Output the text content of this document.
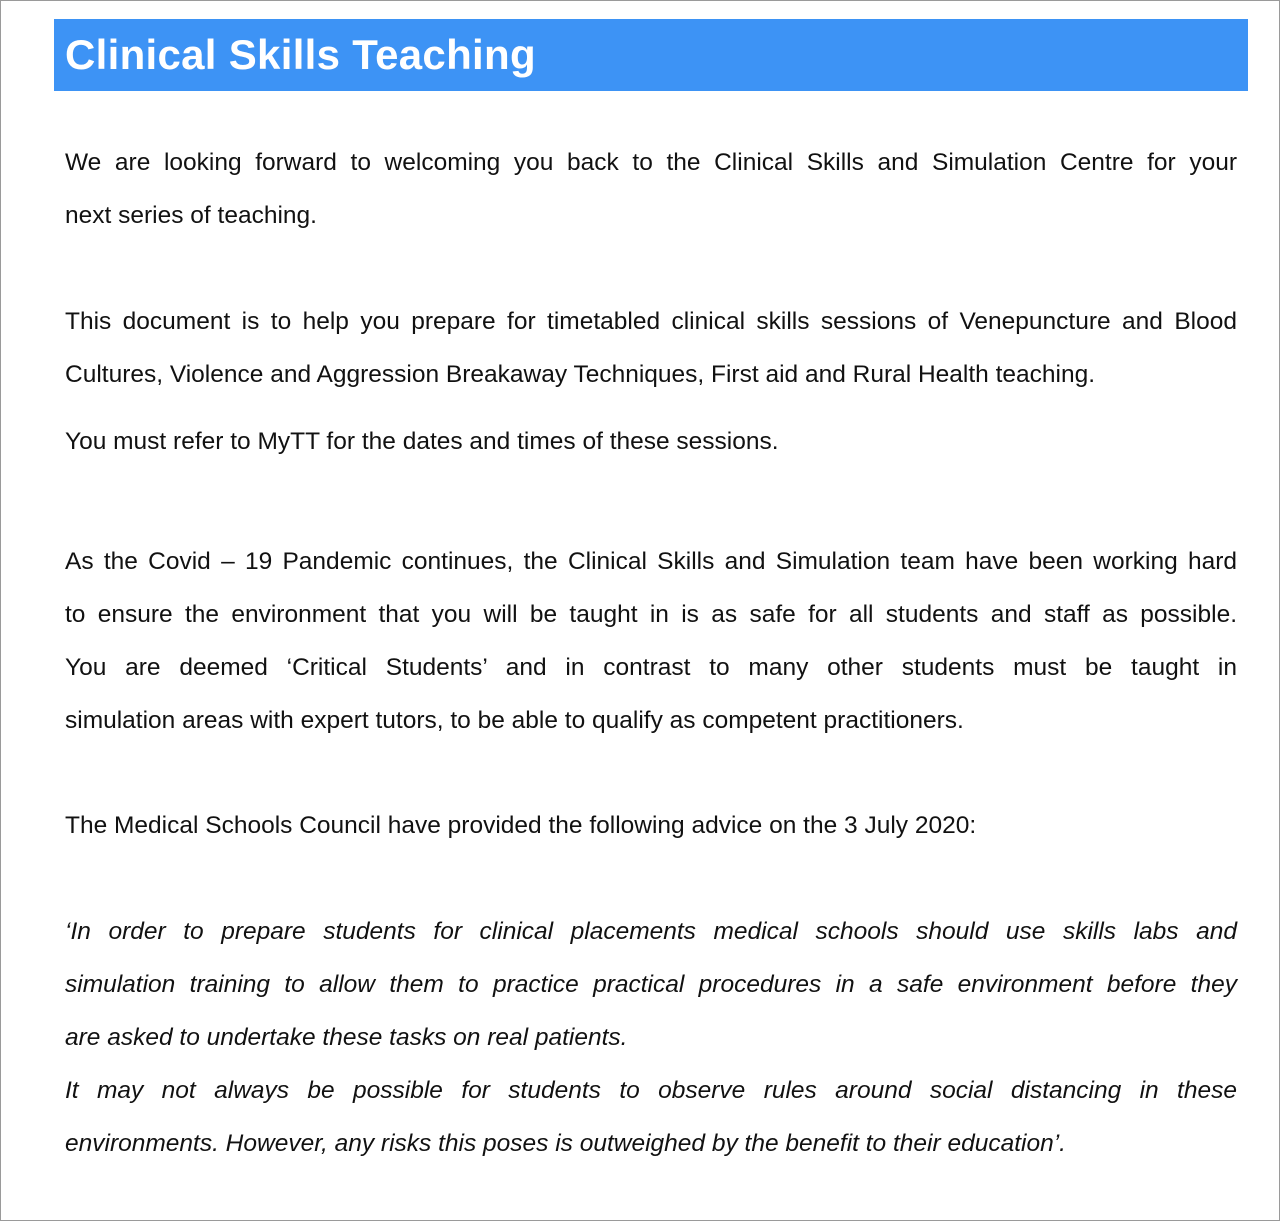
Clinical Skills Teaching
We are looking forward to welcoming you back to the Clinical Skills and Simulation Centre for your
next series of teaching.
This document is to help you prepare for timetabled clinical skills sessions of Venepuncture and Blood
Cultures, Violence and Aggression Breakaway Techniques, First aid and Rural Health teaching.
You must refer to MyTT for the dates and times of these sessions.
As the Covid – 19 Pandemic continues, the Clinical Skills and Simulation team have been working hard
to ensure the environment that you will be taught in is as safe for all students and staff as possible.
You are deemed ‘Critical Students’ and in contrast to many other students must be taught in
simulation areas with expert tutors, to be able to qualify as competent practitioners.
The Medical Schools Council have provided the following advice on the 3 July 2020:
‘In order to prepare students for clinical placements medical schools should use skills labs and
simulation training to allow them to practice practical procedures in a safe environment before they
are asked to undertake these tasks on real patients.
It may not always be possible for students to observe rules around social distancing in these
environments. However, any risks this poses is outweighed by the benefit to their education’.
